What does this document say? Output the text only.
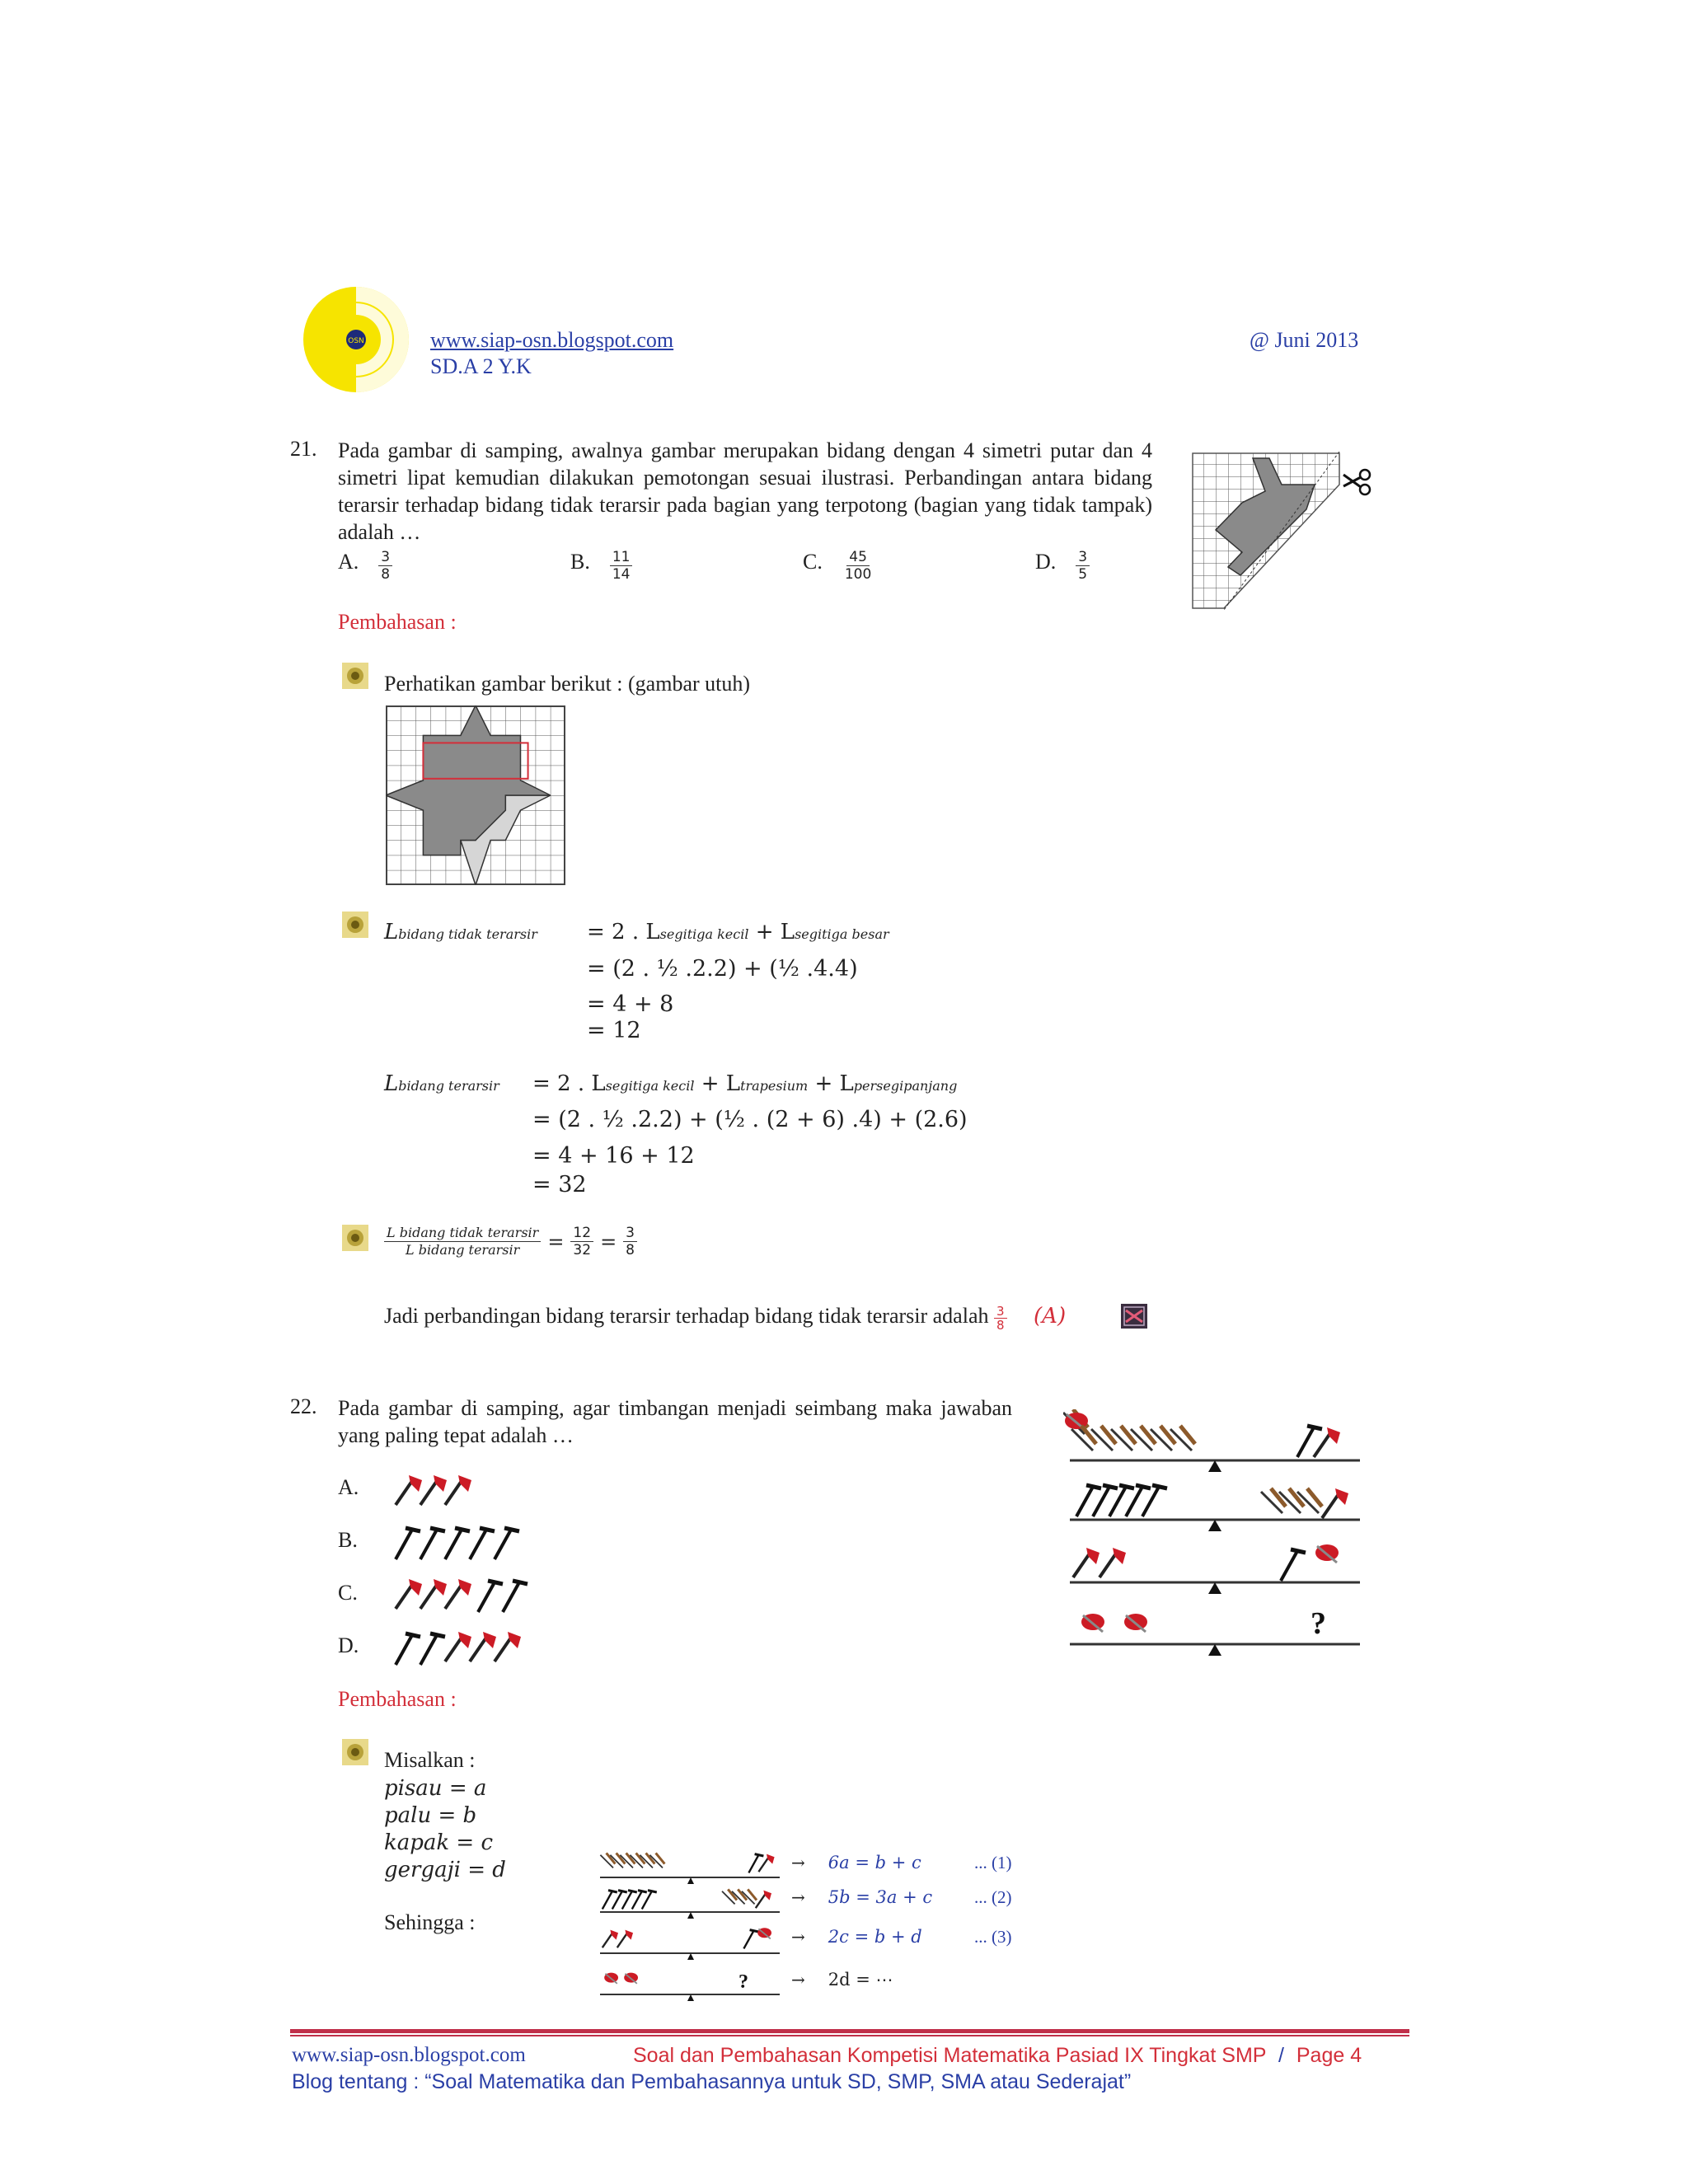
OSN	www.siap-osn.blogspot.com
SD.A 2 Y.K
@ Juni 2013
21. Pada gambar di samping, awalnya gambar merupakan bidang dengan 4 simetri putar dan 4 simetri lipat kemudian dilakukan pemotongan sesuai ilustrasi. Perbandingan antara bidang terarsir terhadap bidang tidak terarsir pada bagian yang terpotong (bagian yang tidak tampak) adalah …
A. $\frac{3}{8}$	B. $\frac{11}{14}$	C. $\frac{45}{100}$	D. $\frac{3}{5}$
Pembahasan :
Perhatikan gambar berikut : (gambar utuh)
Lbidang tidak terarsir = 2 . Lsegitiga kecil + Lsegitiga besar
= (2 . ½ .2.2) + (½ .4.4)
= 4 + 8
= 12
Lbidang terarsir = 2 . Lsegitiga kecil + Ltrapesium + Lpersegipanjang
= (2 . ½ .2.2) + (½ . (2 + 6) .4) + (2.6)
= 4 + 16 + 12
= 32
$\frac{\text{L bidang tidak terarsir}}{\text{L bidang terarsir}} = \frac{12}{32} = \frac{3}{8}$
Jadi perbandingan bidang terarsir terhadap bidang tidak terarsir adalah $\frac{3}{8} (A)$
22. Pada gambar di samping, agar timbangan menjadi seimbang maka jawaban yang paling tepat adalah …
A.
B.
C.
D.
?
Pembahasan :
Misalkan :
pisau = a
palu = b
kapak = c
gergaji = d
Sehingga :
?
→ 6a = b + c	... (1)
→ 5b = 3a + c ... (2)
→ 2c = b + d	... (3)
→ 2d = ⋯
www.siap-osn.blogspot.com	Soal dan Pembahasan Kompetisi Matematika Pasiad IX Tingkat SMP / Page 4
Blog tentang : “Soal Matematika dan Pembahasannya untuk SD, SMP, SMA atau Sederajat”
